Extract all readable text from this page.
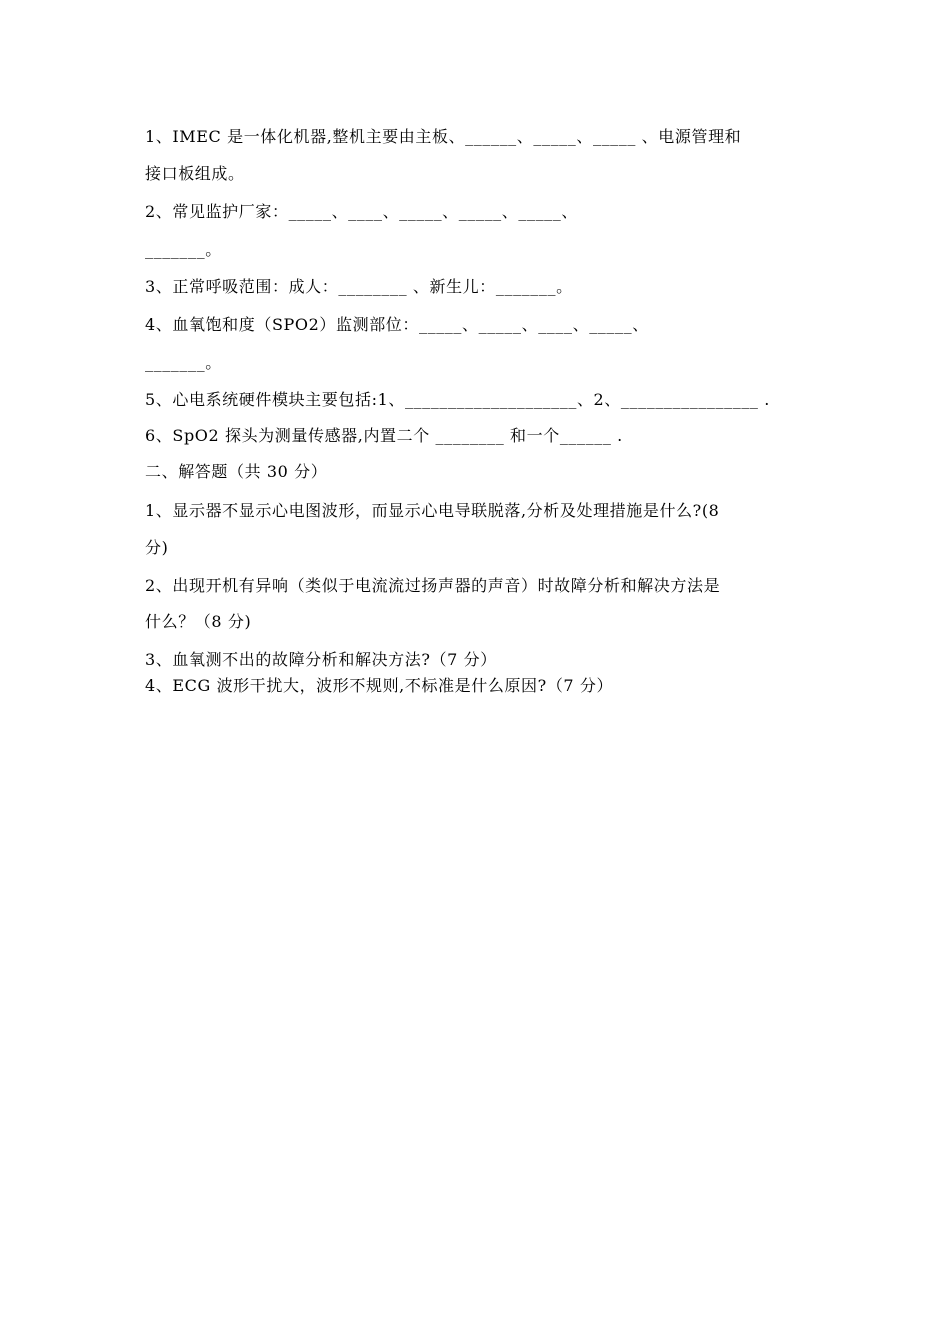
1、IMEC 是一体化机器,整机主要由主板、______、_____、_____ 、电源管理和
接口板组成。
2、常见监护厂家：_____、____、_____、_____、_____、
_______。
3、正常呼吸范围：成人：________ 、新生儿：_______。
4、血氧饱和度（SPO2）监测部位：_____、_____、____、_____、
_______。
5、心电系统硬件模块主要包括:1、____________________、2、________________ .
6、SpO2 探头为测量传感器,内置二个 ________ 和一个______ .
二、解答题（共 30 分）
1、显示器不显示心电图波形，而显示心电导联脱落,分析及处理措施是什么?(8
分)
2、出现开机有异响（类似于电流流过扬声器的声音）时故障分析和解决方法是
什么？（8 分)
3、血氧测不出的故障分析和解决方法?（7 分）
4、ECG 波形干扰大，波形不规则,不标准是什么原因?（7 分）
